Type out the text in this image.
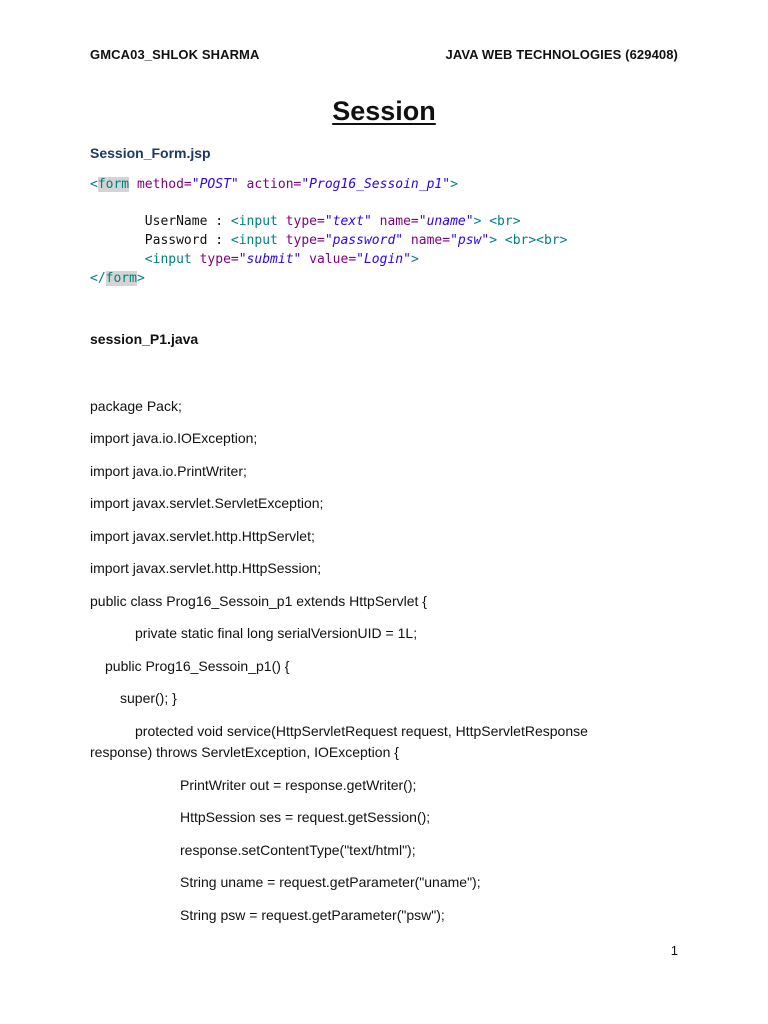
GMCA03_SHLOK SHARMA	JAVA WEB TECHNOLOGIES (629408)
Session
Session_Form.jsp
<form method="POST" action="Prog16_Sessoin_p1">

UserName : <input type="text" name="uname"> <br>
Password : <input type="password" name="psw"> <br><br>
<input type="submit" value="Login">
</form>
session_P1.java
package Pack;
import java.io.IOException;
import java.io.PrintWriter;
import javax.servlet.ServletException;
import javax.servlet.http.HttpServlet;
import javax.servlet.http.HttpSession;
public class Prog16_Sessoin_p1 extends HttpServlet {
private static final long serialVersionUID = 1L;
public Prog16_Sessoin_p1() {
super(); }
protected void service(HttpServletRequest request, HttpServletResponse
response) throws ServletException, IOException {
PrintWriter out = response.getWriter();
HttpSession ses = request.getSession();
response.setContentType("text/html");
String uname = request.getParameter("uname");
String psw = request.getParameter("psw");
1
